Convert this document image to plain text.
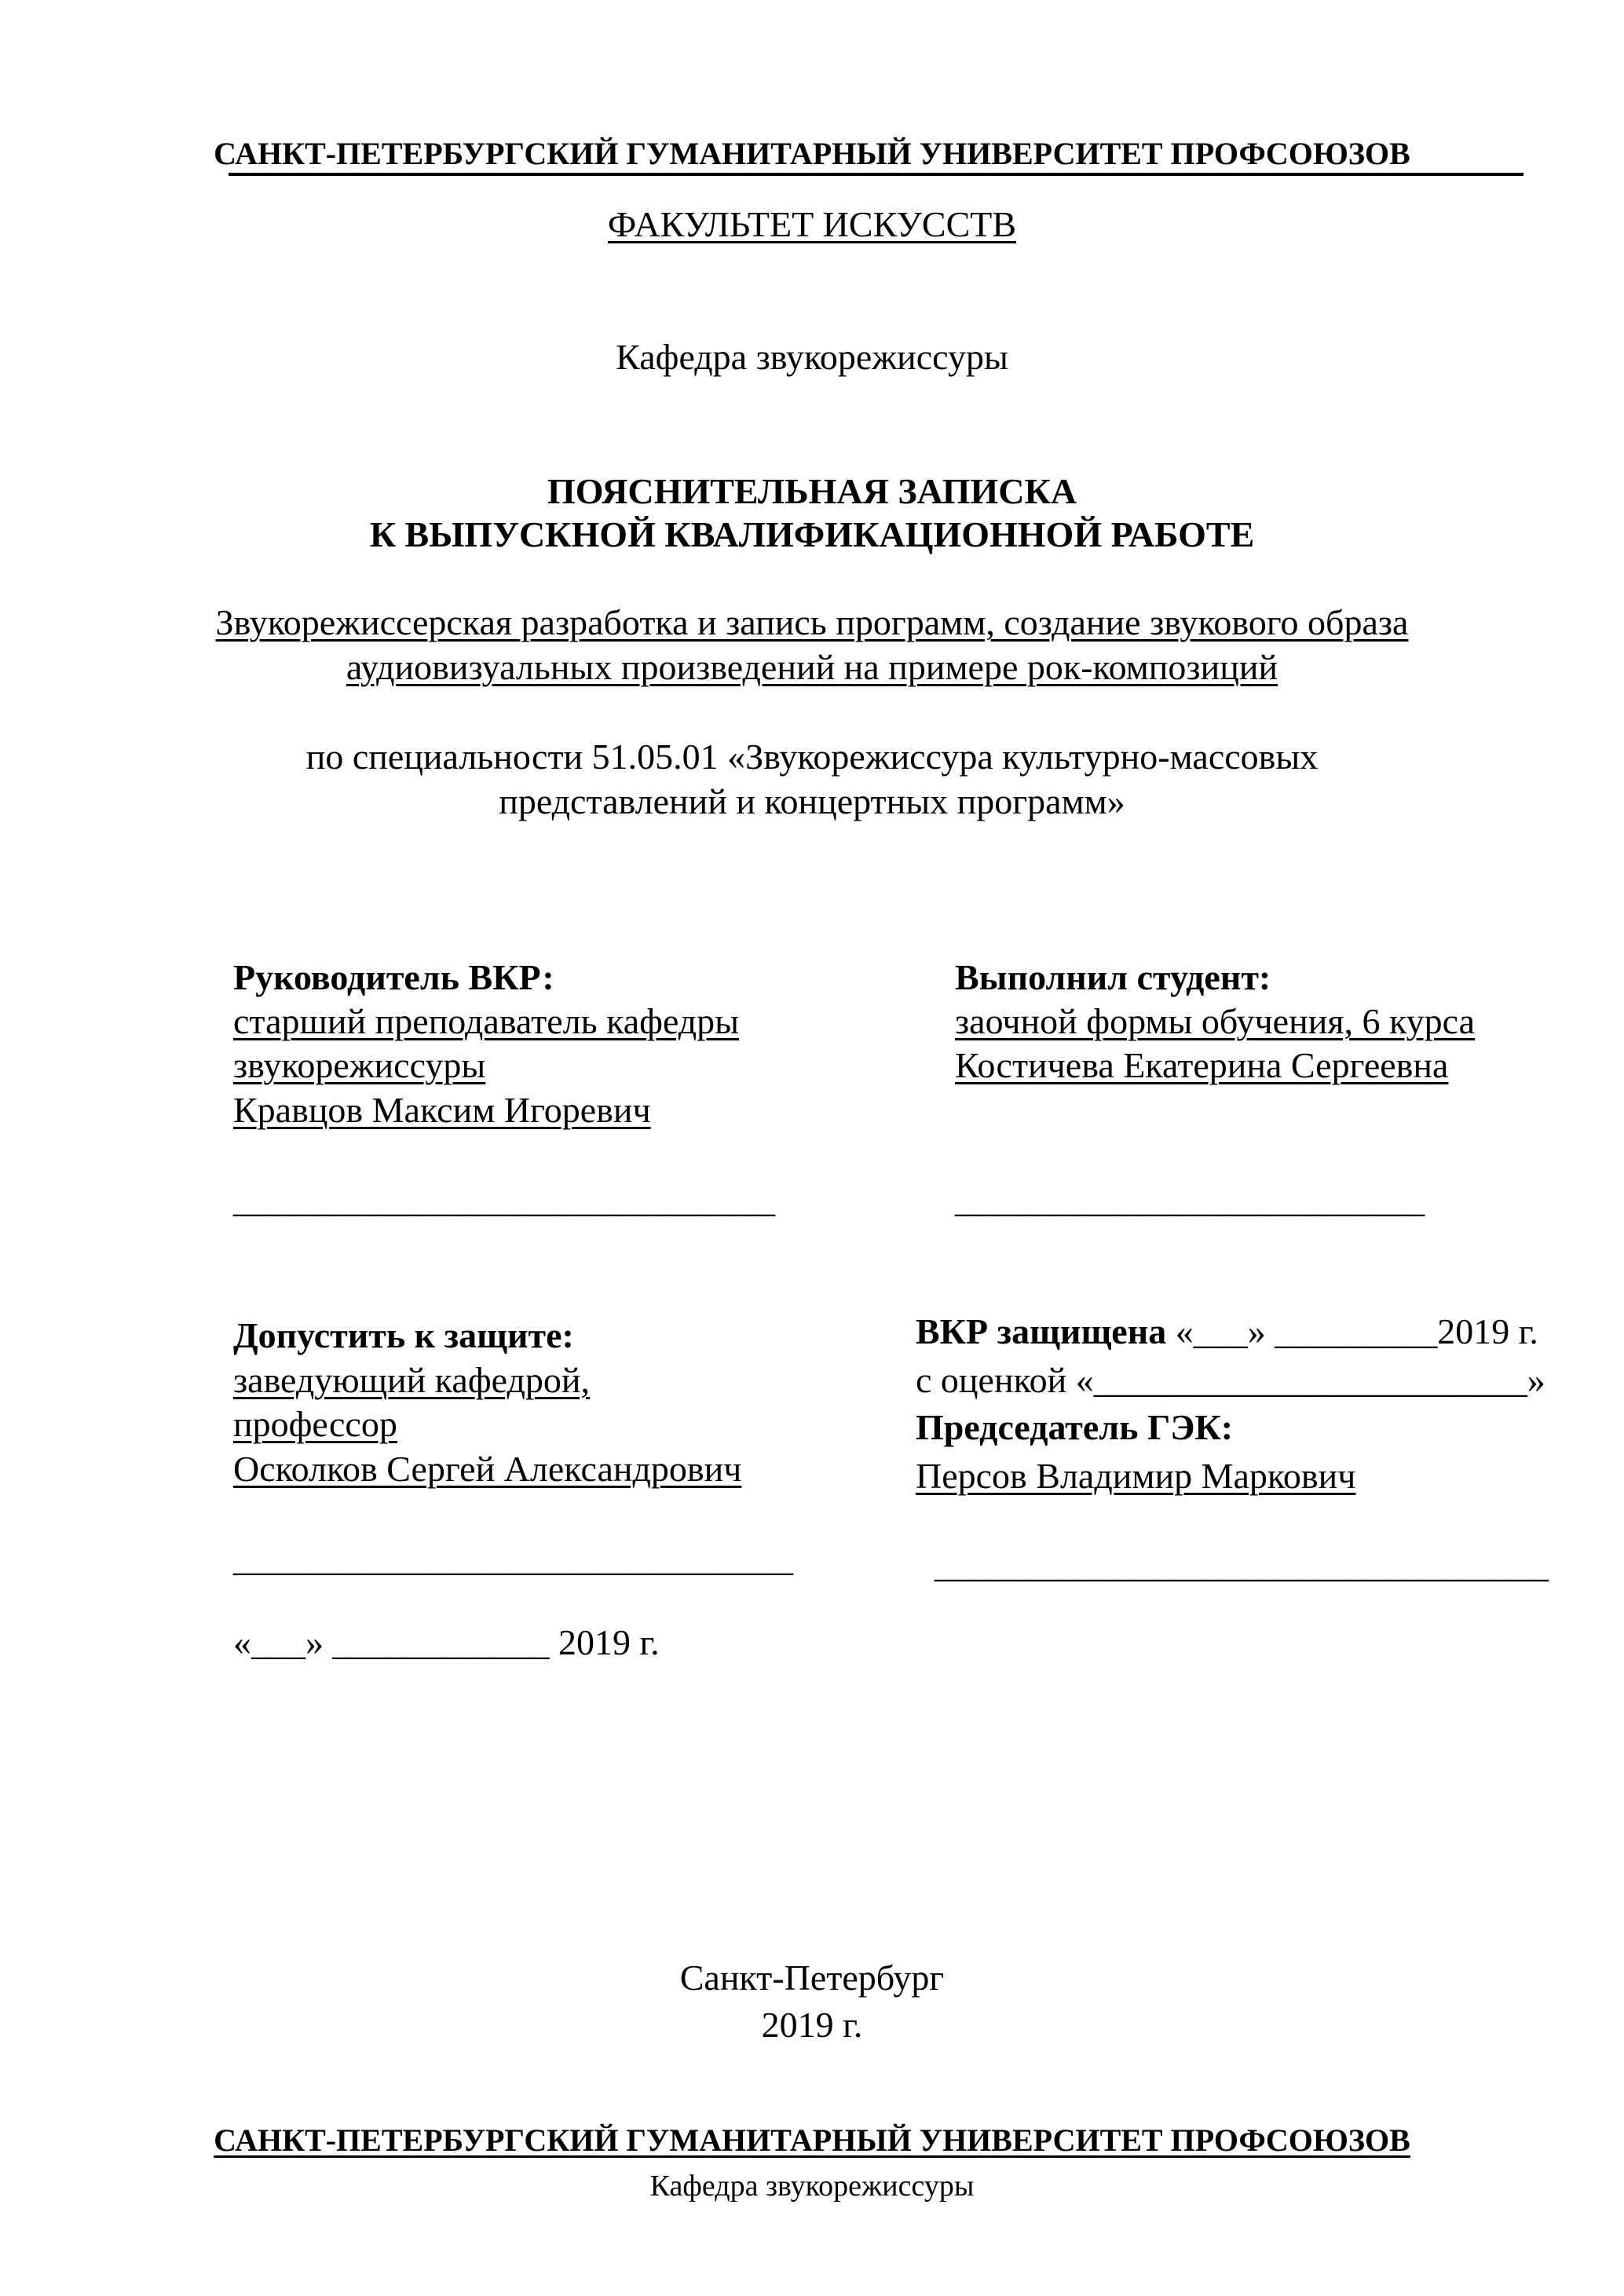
САНКТ-ПЕТЕРБУРГСКИЙ ГУМАНИТАРНЫЙ УНИВЕРСИТЕТ ПРОФСОЮЗОВ
ФАКУЛЬТЕТ ИСКУССТВ
Кафедра звукорежиссуры
ПОЯСНИТЕЛЬНАЯ ЗАПИСКА
К ВЫПУСКНОЙ КВАЛИФИКАЦИОННОЙ РАБОТЕ
Звукорежиссерская разработка и запись программ, создание звукового образа
аудиовизуальных произведений на примере рок-композиций
по специальности 51.05.01 «Звукорежиссура культурно-массовых
представлений и концертных программ»
Руководитель ВКР:
старший преподаватель кафедры
звукорежиссуры
Кравцов Максим Игоревич
______________________________
Выполнил студент:
заочной формы обучения, 6 курса
Костичева Екатерина Сергеевна
__________________________
Допустить к защите:
заведующий кафедрой,
профессор
Осколков Сергей Александрович
_______________________________
«___» ____________ 2019 г.
ВКР защищена «___» _________2019 г.
с оценкой «________________________»
Председатель ГЭК:
Персов Владимир Маркович
__________________________________
Санкт-Петербург
2019 г.
САНКТ-ПЕТЕРБУРГСКИЙ ГУМАНИТАРНЫЙ УНИВЕРСИТЕТ ПРОФСОЮЗОВ
Кафедра звукорежиссуры
